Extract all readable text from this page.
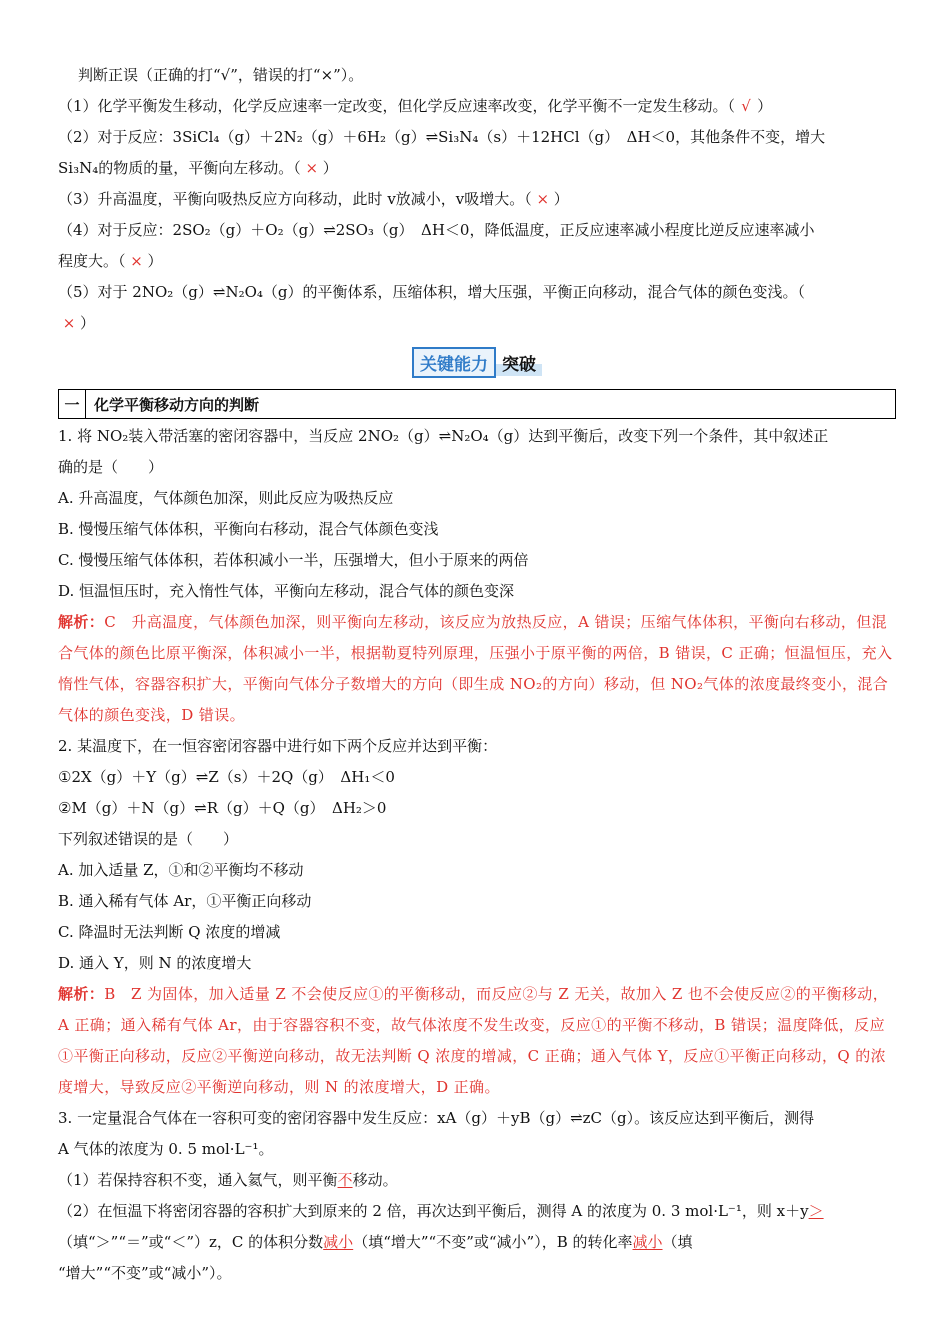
判断正误（正确的打“√”，错误的打“×”）。
（1）化学平衡发生移动，化学反应速率一定改变，但化学反应速率改变，化学平衡不一定发生移动。（ √ ）
（2）对于反应：3SiCl₄（g）＋2N₂（g）＋6H₂（g）⇌Si₃N₄（s）＋12HCl（g）　ΔH＜0，其他条件不变，增大
Si₃N₄的物质的量，平衡向左移动。（ × ）
（3）升高温度，平衡向吸热反应方向移动，此时 v放减小，v吸增大。（ × ）
（4）对于反应：2SO₂（g）＋O₂（g）⇌2SO₃（g）　ΔH＜0，降低温度，正反应速率减小程度比逆反应速率减小
程度大。（ × ）
（5）对于 2NO₂（g）⇌N₂O₄（g）的平衡体系，压缩体积，增大压强，平衡正向移动，混合气体的颜色变浅。（
× ）
关键能力 突破
一 化学平衡移动方向的判断
1. 将 NO₂装入带活塞的密闭容器中，当反应 2NO₂（g）⇌N₂O₄（g）达到平衡后，改变下列一个条件，其中叙述正
确的是（　　）
A. 升高温度，气体颜色加深，则此反应为吸热反应
B. 慢慢压缩气体体积，平衡向右移动，混合气体颜色变浅
C. 慢慢压缩气体体积，若体积减小一半，压强增大，但小于原来的两倍
D. 恒温恒压时，充入惰性气体，平衡向左移动，混合气体的颜色变深
解析：C　升高温度，气体颜色加深，则平衡向左移动，该反应为放热反应，A 错误；压缩气体体积，平衡向右移动，但混合气体的颜色比原平衡深，体积减小一半，根据勒夏特列原理，压强小于原平衡的两倍，B 错误，C 正确；恒温恒压，充入惰性气体，容器容积扩大，平衡向气体分子数增大的方向（即生成 NO₂的方向）移动，但 NO₂气体的浓度最终变小，混合气体的颜色变浅，D 错误。
2. 某温度下，在一恒容密闭容器中进行如下两个反应并达到平衡：
①2X（g）＋Y（g）⇌Z（s）＋2Q（g）　ΔH₁＜0
②M（g）＋N（g）⇌R（g）＋Q（g）　ΔH₂＞0
下列叙述错误的是（　　）
A. 加入适量 Z，①和②平衡均不移动
B. 通入稀有气体 Ar，①平衡正向移动
C. 降温时无法判断 Q 浓度的增减
D. 通入 Y，则 N 的浓度增大
解析：B　Z 为固体，加入适量 Z 不会使反应①的平衡移动，而反应②与 Z 无关，故加入 Z 也不会使反应②的平衡移动，A 正确；通入稀有气体 Ar，由于容器容积不变，故气体浓度不发生改变，反应①的平衡不移动，B 错误；温度降低，反应①平衡正向移动，反应②平衡逆向移动，故无法判断 Q 浓度的增减，C 正确；通入气体 Y，反应①平衡正向移动，Q 的浓度增大，导致反应②平衡逆向移动，则 N 的浓度增大，D 正确。
3. 一定量混合气体在一容积可变的密闭容器中发生反应：xA（g）＋yB（g）⇌zC（g）。该反应达到平衡后，测得
A 气体的浓度为 0. 5 mol·L⁻¹。
（1）若保持容积不变，通入氦气，则平衡不移动。
（2）在恒温下将密闭容器的容积扩大到原来的 2 倍，再次达到平衡后，测得 A 的浓度为 0. 3 mol·L⁻¹，则 x＋y＞
（填“＞”“＝”或“＜”）z，C 的体积分数减小（填“增大”“不变”或“减小”），B 的转化率减小（填
“增大”“不变”或“减小”）。
